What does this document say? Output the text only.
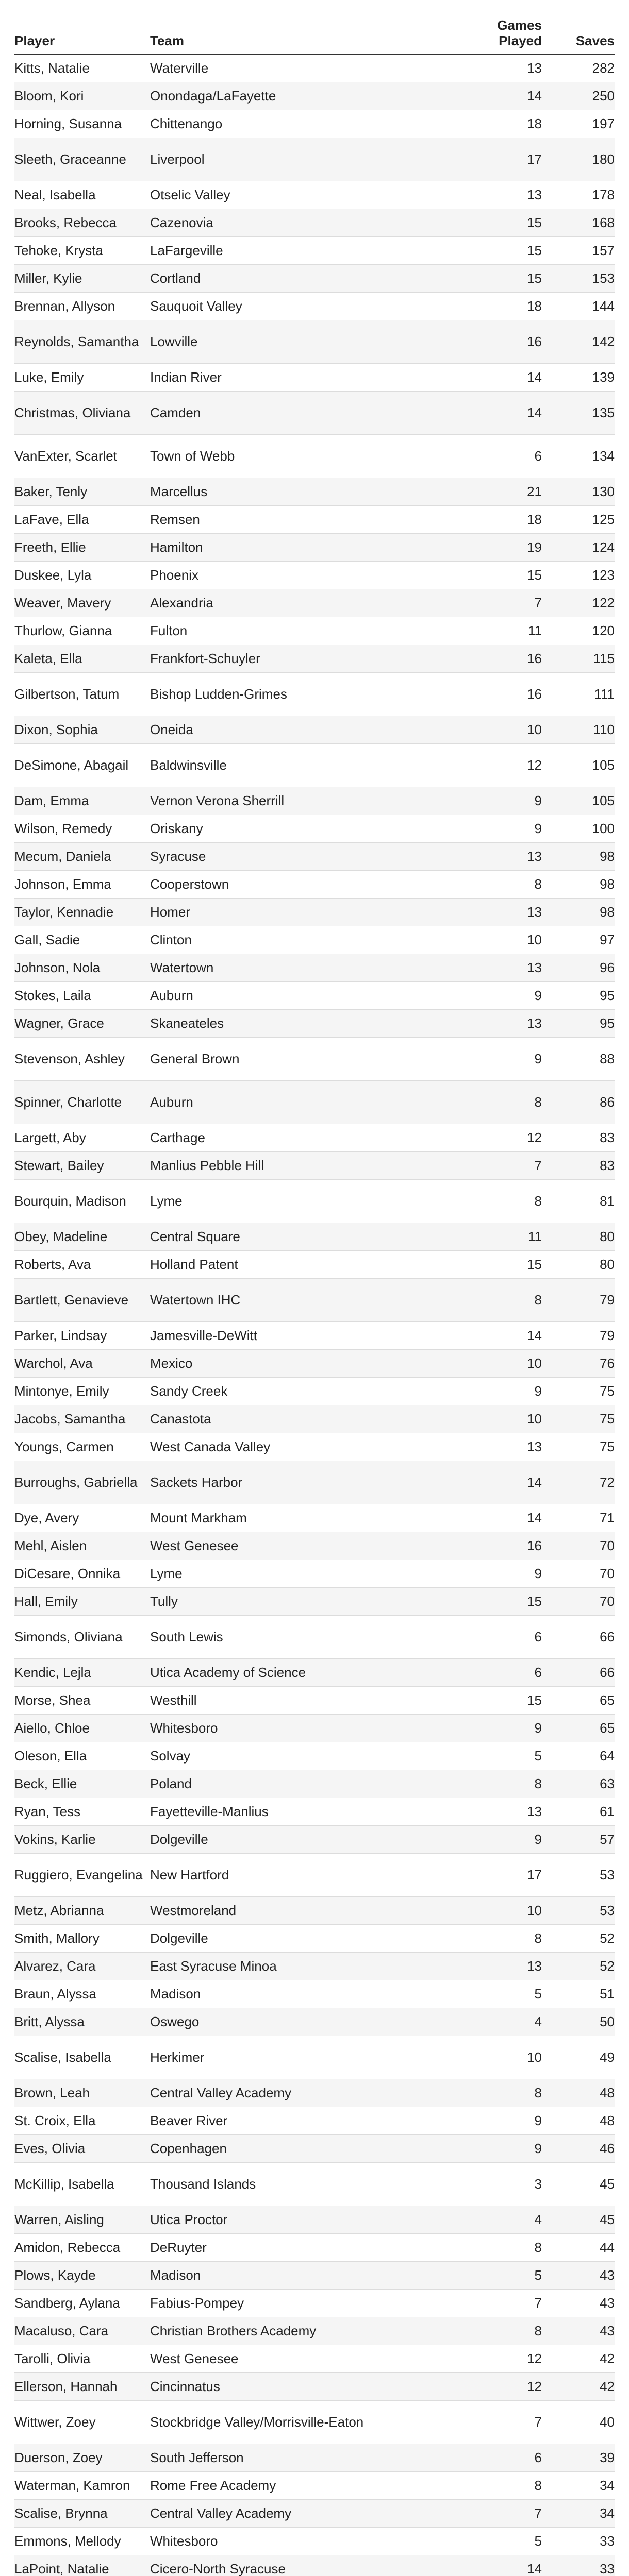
Player	Team	Games Played	Saves
Kitts, Natalie	Waterville	13	282
Bloom, Kori	Onondaga/LaFayette	14	250
Horning, Susanna	Chittenango	18	197
Sleeth, Graceanne	Liverpool	17	180
Neal, Isabella	Otselic Valley	13	178
Brooks, Rebecca	Cazenovia	15	168
Tehoke, Krysta	LaFargeville	15	157
Miller, Kylie	Cortland	15	153
Brennan, Allyson	Sauquoit Valley	18	144
Reynolds, Samantha	Lowville	16	142
Luke, Emily	Indian River	14	139
Christmas, Oliviana	Camden	14	135
VanExter, Scarlet	Town of Webb	6	134
Baker, Tenly	Marcellus	21	130
LaFave, Ella	Remsen	18	125
Freeth, Ellie	Hamilton	19	124
Duskee, Lyla	Phoenix	15	123
Weaver, Mavery	Alexandria	7	122
Thurlow, Gianna	Fulton	11	120
Kaleta, Ella	Frankfort-Schuyler	16	115
Gilbertson, Tatum	Bishop Ludden-Grimes	16	111
Dixon, Sophia	Oneida	10	110
DeSimone, Abagail	Baldwinsville	12	105
Dam, Emma	Vernon Verona Sherrill	9	105
Wilson, Remedy	Oriskany	9	100
Mecum, Daniela	Syracuse	13	98
Johnson, Emma	Cooperstown	8	98
Taylor, Kennadie	Homer	13	98
Gall, Sadie	Clinton	10	97
Johnson, Nola	Watertown	13	96
Stokes, Laila	Auburn	9	95
Wagner, Grace	Skaneateles	13	95
Stevenson, Ashley	General Brown	9	88
Spinner, Charlotte	Auburn	8	86
Largett, Aby	Carthage	12	83
Stewart, Bailey	Manlius Pebble Hill	7	83
Bourquin, Madison	Lyme	8	81
Obey, Madeline	Central Square	11	80
Roberts, Ava	Holland Patent	15	80
Bartlett, Genavieve	Watertown IHC	8	79
Parker, Lindsay	Jamesville-DeWitt	14	79
Warchol, Ava	Mexico	10	76
Mintonye, Emily	Sandy Creek	9	75
Jacobs, Samantha	Canastota	10	75
Youngs, Carmen	West Canada Valley	13	75
Burroughs, Gabriella	Sackets Harbor	14	72
Dye, Avery	Mount Markham	14	71
Mehl, Aislen	West Genesee	16	70
DiCesare, Onnika	Lyme	9	70
Hall, Emily	Tully	15	70
Simonds, Oliviana	South Lewis	6	66
Kendic, Lejla	Utica Academy of Science	6	66
Morse, Shea	Westhill	15	65
Aiello, Chloe	Whitesboro	9	65
Oleson, Ella	Solvay	5	64
Beck, Ellie	Poland	8	63
Ryan, Tess	Fayetteville-Manlius	13	61
Vokins, Karlie	Dolgeville	9	57
Ruggiero, Evangelina	New Hartford	17	53
Metz, Abrianna	Westmoreland	10	53
Smith, Mallory	Dolgeville	8	52
Alvarez, Cara	East Syracuse Minoa	13	52
Braun, Alyssa	Madison	5	51
Britt, Alyssa	Oswego	4	50
Scalise, Isabella	Herkimer	10	49
Brown, Leah	Central Valley Academy	8	48
St. Croix, Ella	Beaver River	9	48
Eves, Olivia	Copenhagen	9	46
McKillip, Isabella	Thousand Islands	3	45
Warren, Aisling	Utica Proctor	4	45
Amidon, Rebecca	DeRuyter	8	44
Plows, Kayde	Madison	5	43
Sandberg, Aylana	Fabius-Pompey	7	43
Macaluso, Cara	Christian Brothers Academy	8	43
Tarolli, Olivia	West Genesee	12	42
Ellerson, Hannah	Cincinnatus	12	42
Wittwer, Zoey	Stockbridge Valley/Morrisville-Eaton	7	40
Duerson, Zoey	South Jefferson	6	39
Waterman, Kamron	Rome Free Academy	8	34
Scalise, Brynna	Central Valley Academy	7	34
Emmons, Mellody	Whitesboro	5	33
LaPoint, Natalie	Cicero-North Syracuse	14	33
